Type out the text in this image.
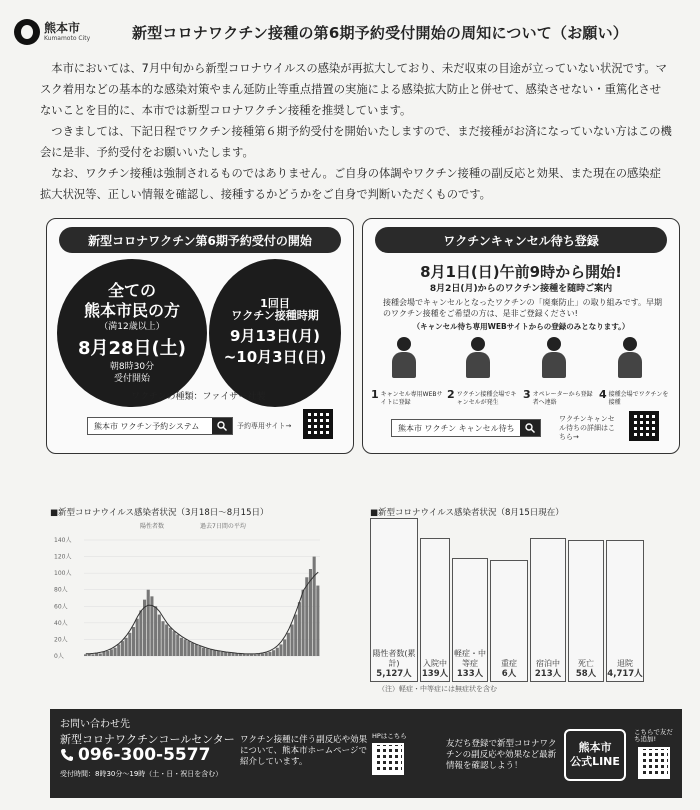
熊本市
Kumamoto City	新型コロナワクチン接種の第6期予約受付開始の周知について（お願い）

本市においては、7月中旬から新型コロナウイルスの感染が再拡大しており、未だ収束の目途が立っていない状況です。マスク着用などの基本的な感染対策やまん延防止等重点措置の実施による感染拡大防止と併せて、感染させない・重篤化させないことを目的に、本市では新型コロナワクチン接種を推奨しています。

つきましては、下記日程でワクチン接種第６期予約受付を開始いたしますので、まだ接種がお済になっていない方はこの機会に是非、予約受付をお願いいたします。

なお、ワクチン接種は強制されるものではありません。ご自身の体調やワクチン接種の副反応と効果、また現在の感染症拡大状況等、正しい情報を確認し、接種するかどうかをご自身で判断いただくものです。

新型コロナワクチン第6期予約受付の開始
全ての
熊本市民の方
（満12歳以上）
8月28日(土)
朝8時30分
受付開始
1回目
ワクチン接種時期
9月13日(月)
~10月3日(日)
ワクチンの種類：ファイザー社製
熊本市 ワクチン予約システム	予約専用サイト→
ワクチンキャンセル待ち登録
8月1日(日)午前9時から開始!
8月2日(月)からのワクチン接種を随時ご案内
接種会場でキャンセルとなったワクチンの「廃棄防止」の取り組みです。早期のワクチン接種をご希望の方は、是非ご登録ください!
（キャンセル待ち専用WEBサイトからの登録のみとなります。）
1 キャンセル専用WEBサイトに登録
2 ワクチン接種会場でキャンセルが発生
3 オペレーターから登録者へ連絡
4 接種会場でワクチンを接種
熊本市 ワクチン キャンセル待ち
ワクチンキャンセル待ちの詳細はこちら→
■新型コロナウイルス感染者状況（3月18日～8月15日）
陽性者数	過去7日間の平均
140人
120人
100人
80人
60人
40人
20人
0人
■新型コロナウイルス感染者状況（8月15日現在）
陽性者数(累計)
5,127人
入院中
139人
軽症・中等症
133人
重症
6人
宿泊中
213人
死亡
58人
退院
4,717人
（注）軽症・中等症には無症状を含む
お問い合わせ先
新型コロナワクチンコールセンター
096-300-5577
受付時間：8時30分～19時（土・日・祝日を含む）
ワクチン接種に伴う副反応や効果について、熊本市ホームページで紹介しています。
HPはこちら
友だち登録で新型コロナワクチンの副反応や効果など最新情報を確認しよう！
熊本市
公式LINE
こちらで友だち追加!
